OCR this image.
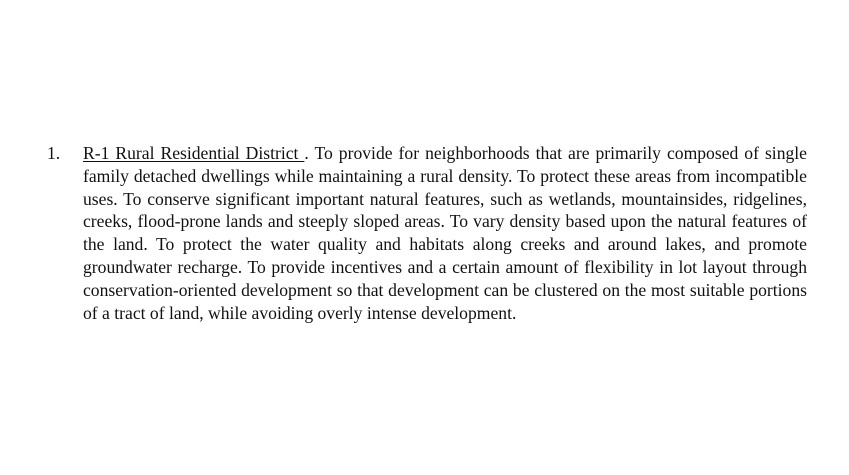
1. R-1 Rural Residential District . To provide for neighborhoods that are primarily composed of single family detached dwellings while maintaining a rural density. To protect these areas from incompatible uses. To conserve significant important natural features, such as wetlands, mountainsides, ridgelines, creeks, flood-prone lands and steeply sloped areas. To vary density based upon the natural features of the land. To protect the water quality and habitats along creeks and around lakes, and promote groundwater recharge. To provide incentives and a certain amount of flexibility in lot layout through conservation-oriented development so that development can be clustered on the most suitable portions of a tract of land, while avoiding overly intense development.
